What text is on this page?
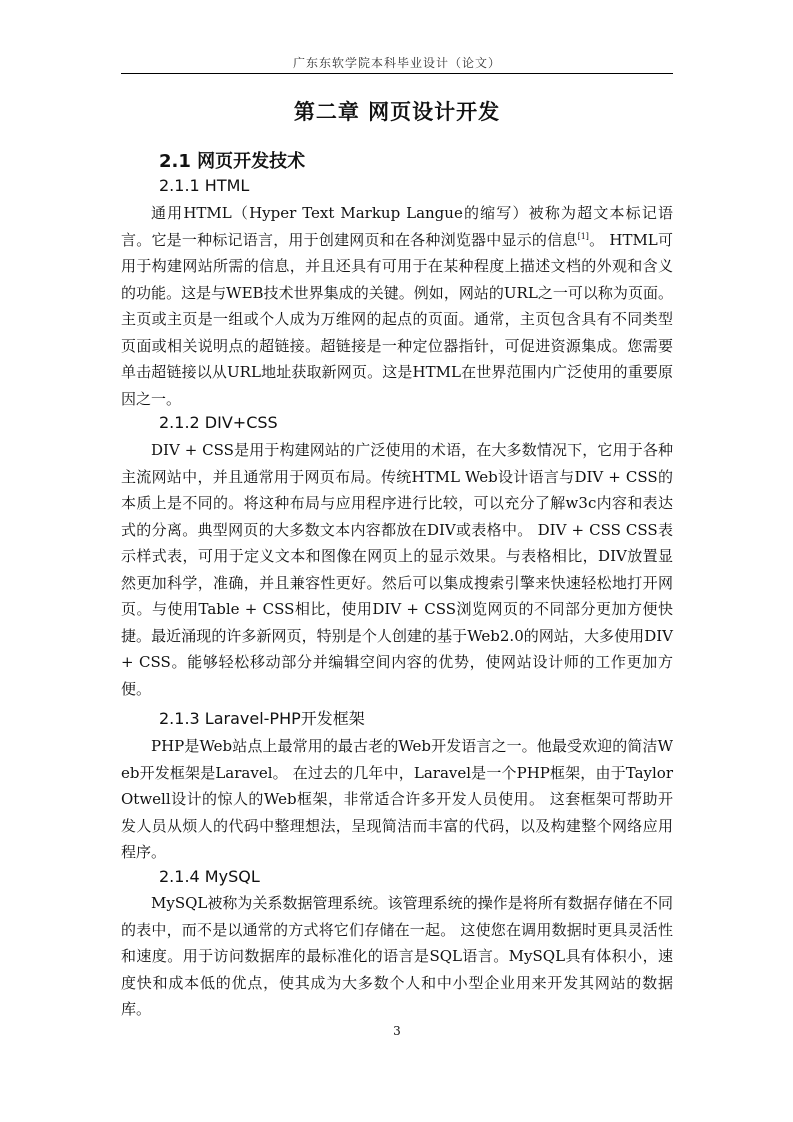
广东东软学院本科毕业设计（论文）
第二章 网页设计开发
2.1 网页开发技术
2.1.1 HTML

通用HTML（Hyper Text Markup Langue的缩写）被称为超文本标记语言。它是一种标记语言，用于创建网页和在各种浏览器中显示的信息[1]。 HTML可用于构建网站所需的信息，并且还具有可用于在某种程度上描述文档的外观和含义的功能。这是与WEB技术世界集成的关键。例如，网站的URL之一可以称为页面。主页或主页是一组或个人成为万维网的起点的页面。通常，主页包含具有不同类型页面或相关说明点的超链接。超链接是一种定位器指针，可促进资源集成。您需要单击超链接以从URL地址获取新网页。这是HTML在世界范围内广泛使用的重要原因之一。

2.1.2 DIV+CSS

DIV + CSS是用于构建网站的广泛使用的术语，在大多数情况下，它用于各种主流网站中，并且通常用于网页布局。传统HTML Web设计语言与DIV + CSS的本质上是不同的。将这种布局与应用程序进行比较，可以充分了解w3c内容和表达式的分离。典型网页的大多数文本内容都放在DIV或表格中。 DIV + CSS CSS表示样式表，可用于定义文本和图像在网页上的显示效果。与表格相比，DIV放置显然更加科学，准确，并且兼容性更好。然后可以集成搜索引擎来快速轻松地打开网页。与使用Table + CSS相比，使用DIV + CSS浏览网页的不同部分更加方便快捷。最近涌现的许多新网页，特别是个人创建的基于Web2.0的网站，大多使用DIV + CSS。能够轻松移动部分并编辑空间内容的优势，使网站设计师的工作更加方便。

2.1.3 Laravel-PHP开发框架

PHP是Web站点上最常用的最古老的Web开发语言之一。他最受欢迎的简洁Web开发框架是Laravel。 在过去的几年中，Laravel是一个PHP框架，由于Taylor Otwell设计的惊人的Web框架，非常适合许多开发人员使用。 这套框架可帮助开发人员从烦人的代码中整理想法，呈现简洁而丰富的代码，以及构建整个网络应用程序。

2.1.4 MySQL

MySQL被称为关系数据管理系统。该管理系统的操作是将所有数据存储在不同的表中，而不是以通常的方式将它们存储在一起。 这使您在调用数据时更具灵活性和速度。用于访问数据库的最标准化的语言是SQL语言。MySQL具有体积小，速度快和成本低的优点，使其成为大多数个人和中小型企业用来开发其网站的数据库。

3
